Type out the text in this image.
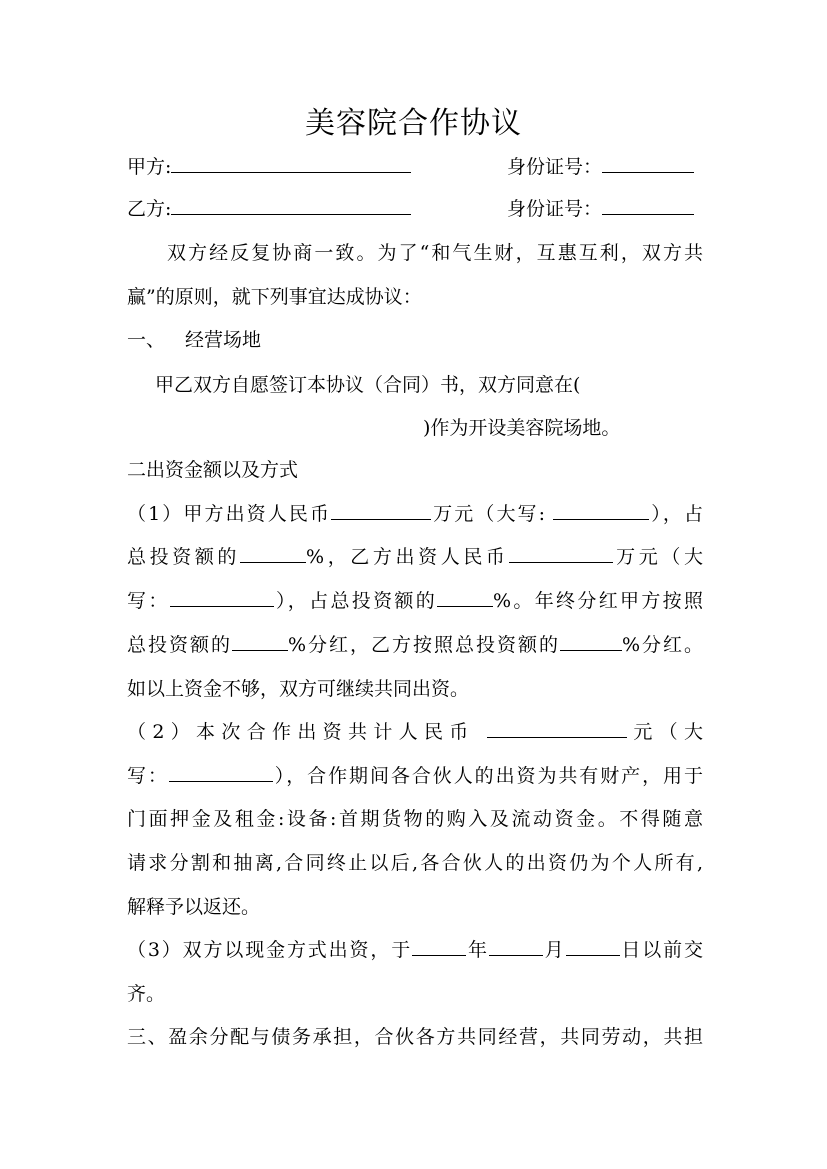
美容院合作协议
甲方:	身份证号：
乙方:	身份证号：
双方经反复协商一致。为了“和气生财，互惠互利，双方共
赢”的原则，就下列事宜达成协议：
一、 经营场地
甲乙双方自愿签订本协议（合同）书，双方同意在(
)作为开设美容院场地。
二出资金额以及方式
（1）甲方出资人民币	万元（大写:	），占
总投资额的	%，乙方出资人民币	万元（大
写：	），占总投资额的	%。年终分红甲方按照
总投资额的	%分红，乙方按照总投资额的	%分红。
如以上资金不够，双方可继续共同出资。
（2）本次合作出资共计人民币	元（大
写：	），合作期间各合伙人的出资为共有财产，用于
门面押金及租金:设备:首期货物的购入及流动资金。不得随意
请求分割和抽离,合同终止以后,各合伙人的出资仍为个人所有,
解释予以返还。
（3）双方以现金方式出资，于	年	月	日以前交
齐。
三、盈余分配与债务承担，合伙各方共同经营，共同劳动，共担
